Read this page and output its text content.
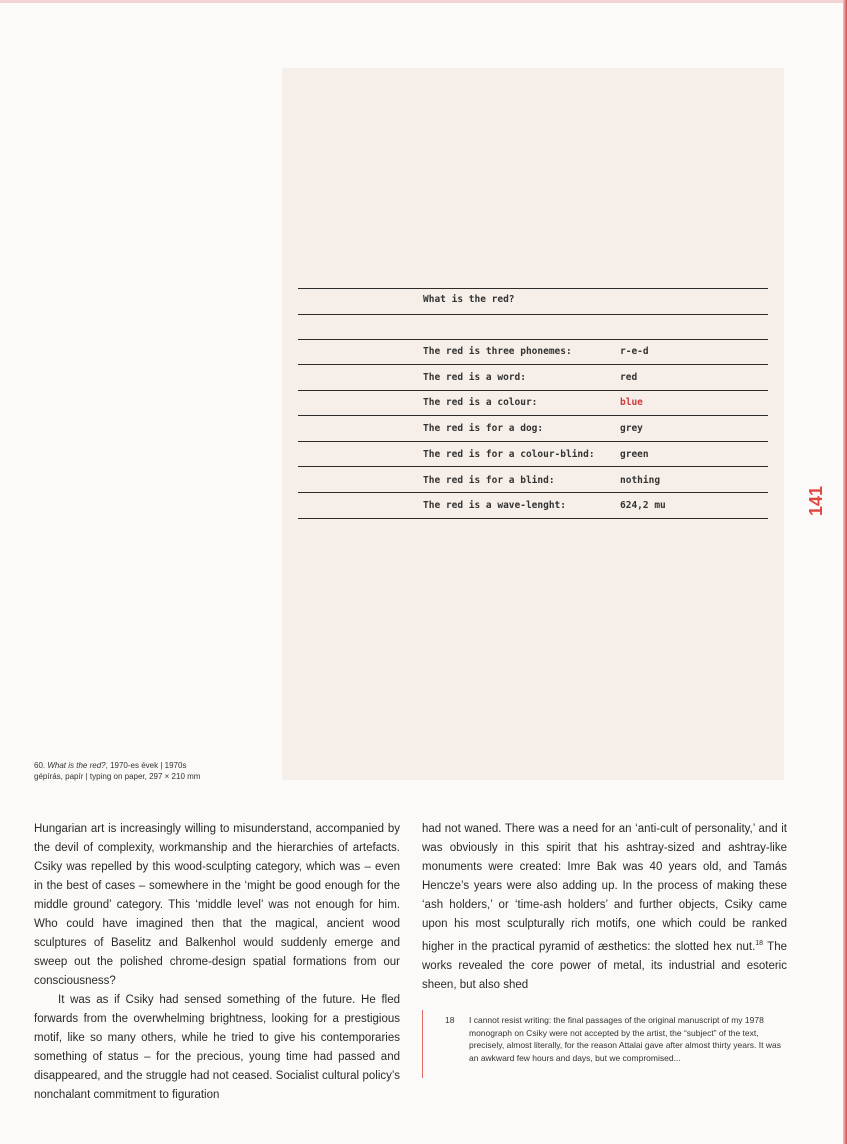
What is the red?
The red is three phonemes:	r-e-d
The red is a word:	red
The red is a colour:	blue
The red is for a dog:	grey
The red is for a colour-blind:	green
The red is for a blind:	nothing
The red is a wave-lenght:	624,2 mu	141
60. What is the red?, 1970-es évek | 1970s
gépírás, papír | typing on paper, 297 × 210 mm

Hungarian art is increasingly willing to misunderstand, accompanied by the devil of complexity, workmanship and the hierarchies of artefacts. Csiky was repelled by this wood-sculpting category, which was – even in the best of cases – somewhere in the ‘might be good enough for the middle ground’ category. This ‘middle level’ was not enough for him. Who could have imagined then that the magical, ancient wood sculptures of Baselitz and Balkenhol would suddenly emerge and sweep out the polished chrome-design spatial formations from our consciousness?

It was as if Csiky had sensed something of the future. He fled forwards from the overwhelming brightness, looking for a prestigious motif, like so many others, while he tried to give his contemporaries something of status – for the precious, young time had passed and disappeared, and the struggle had not ceased. Socialist cultural policy’s nonchalant commitment to figuration

had not waned. There was a need for an ‘anti-cult of personality,’ and it was obviously in this spirit that his ashtray-sized and ashtray-like monuments were created: Imre Bak was 40 years old, and Tamás Hencze’s years were also adding up. In the process of making these ‘ash holders,’ or ‘time-ash holders’ and further objects, Csiky came upon his most sculpturally rich motifs, one which could be ranked higher in the practical pyramid of æsthetics: the slotted hex nut.$^{18}$ The works revealed the core power of metal, its industrial and esoteric sheen, but also shed

18 I cannot resist writing: the final passages of the original manuscript of my 1978 monograph on Csiky were not accepted by the artist, the “subject” of the text, precisely, almost literally, for the reason Attalai gave after almost thirty years. It was an awkward few hours and days, but we compromised...
